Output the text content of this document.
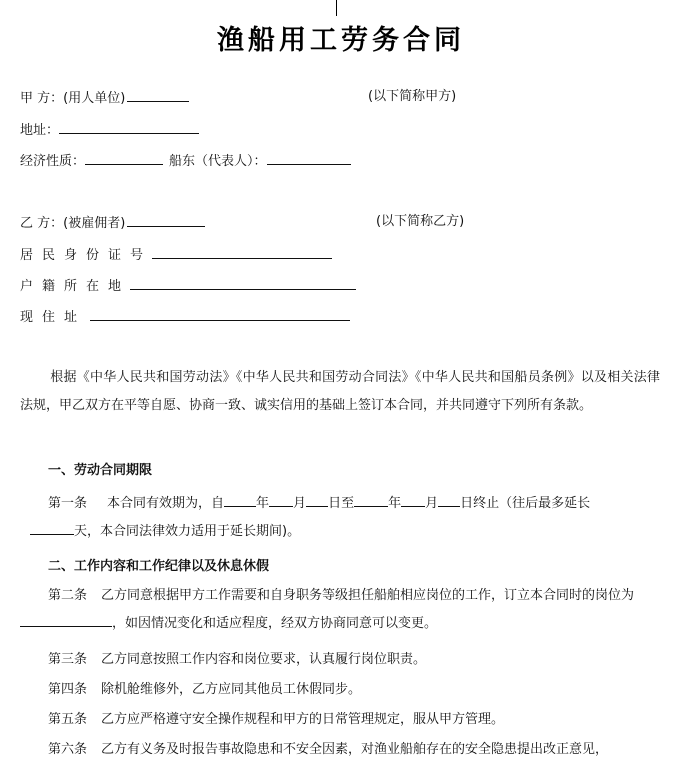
渔船用工劳务合同
甲 方：(用人单位)	(以下简称甲方)
地址：
经济性质：	船东（代表人）：
乙 方：(被雇佣者)	(以下简称乙方)
居民身份证号
户籍所在地
现住址
根据《中华人民共和国劳动法》《中华人民共和国劳动合同法》《中华人民共和国船员条例》以及相关法律法规，甲乙双方在平等自愿、协商一致、诚实信用的基础上签订本合同，并共同遵守下列所有条款。
一、劳动合同期限
第一条 本合同有效期为，自 年 月 日至	年 月 日终止（往后最多延长
天，本合同法律效力适用于延长期间)。
二、工作内容和工作纪律以及休息休假
第二条 乙方同意根据甲方工作需要和自身职务等级担任船舶相应岗位的工作，订立本合同时的岗位为，如因情况变化和适应程度，经双方协商同意可以变更。
第三条 乙方同意按照工作内容和岗位要求，认真履行岗位职责。
第四条 除机舱维修外，乙方应同其他员工休假同步。
第五条 乙方应严格遵守安全操作规程和甲方的日常管理规定，服从甲方管理。
第六条 乙方有义务及时报告事故隐患和不安全因素，对渔业船舶存在的安全隐患提出改正意见，
